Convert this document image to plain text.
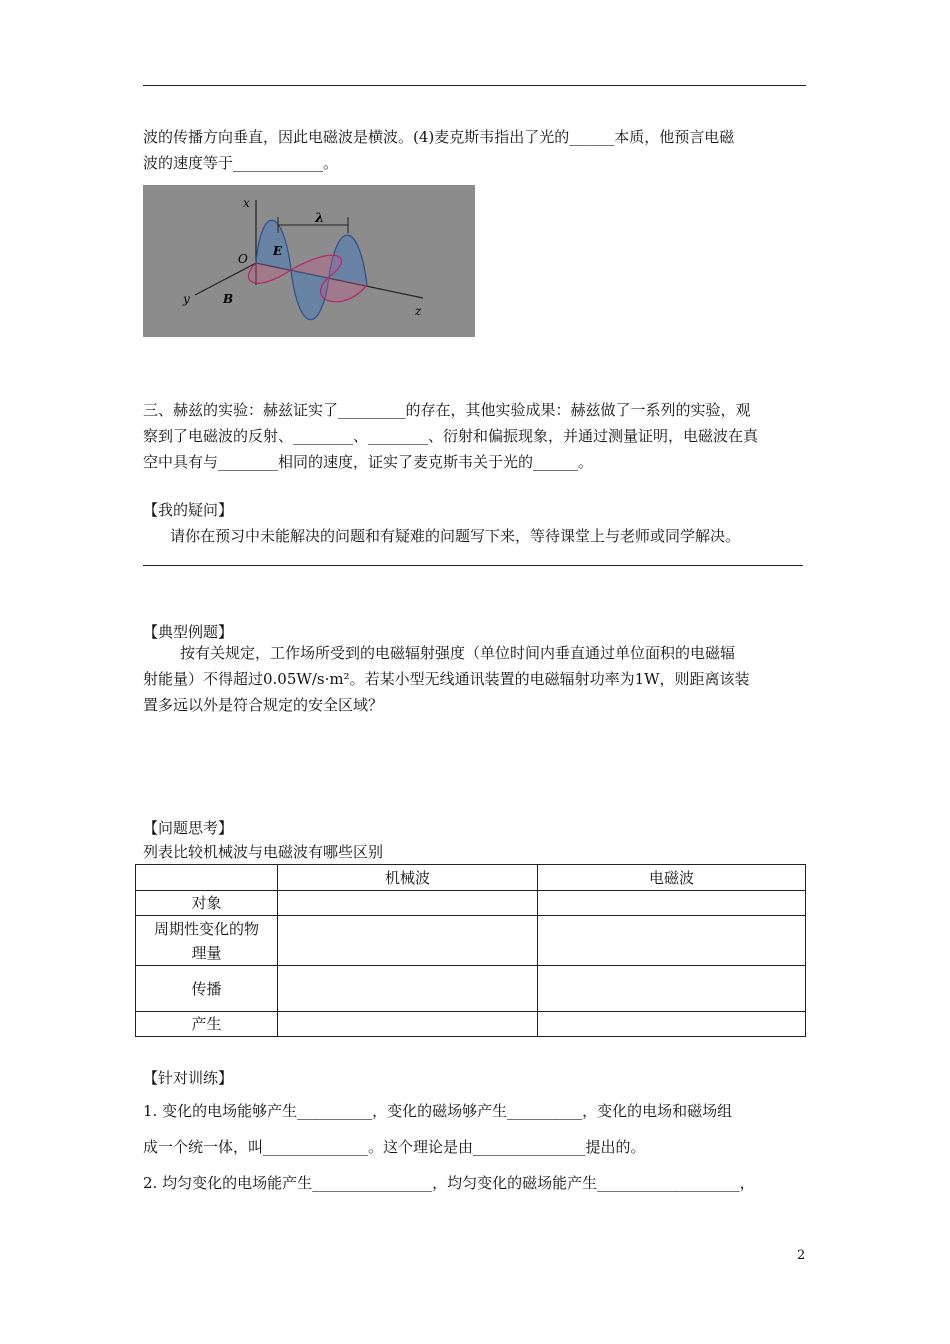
波的传播方向垂直，因此电磁波是横波。(4)麦克斯韦指出了光的______本质，他预言电磁
波的速度等于____________。
x
y
z
O
E
B
λ
三、赫兹的实验：赫兹证实了_________的存在，其他实验成果：赫兹做了一系列的实验，观
察到了电磁波的反射、________、________、衍射和偏振现象，并通过测量证明，电磁波在真
空中具有与________相同的速度，证实了麦克斯韦关于光的______。
【我的疑问】
请你在预习中未能解决的问题和有疑难的问题写下来，等待课堂上与老师或同学解决。
【典型例题】
按有关规定，工作场所受到的电磁辐射强度（单位时间内垂直通过单位面积的电磁辐
射能量）不得超过0.05W/s·m²。若某小型无线通讯装置的电磁辐射功率为1W，则距离该装
置多远以外是符合规定的安全区域？
【问题思考】
列表比较机械波与电磁波有哪些区别
	机械波	电磁波
对象		

周期性变化的物
理量		

传播		
产生		
【针对训练】
1. 变化的电场能够产生__________，变化的磁场够产生__________，变化的电场和磁场组
成一个统一体，叫______________。这个理论是由_______________提出的。
2. 均匀变化的电场能产生________________，均匀变化的磁场能产生___________________，
2
